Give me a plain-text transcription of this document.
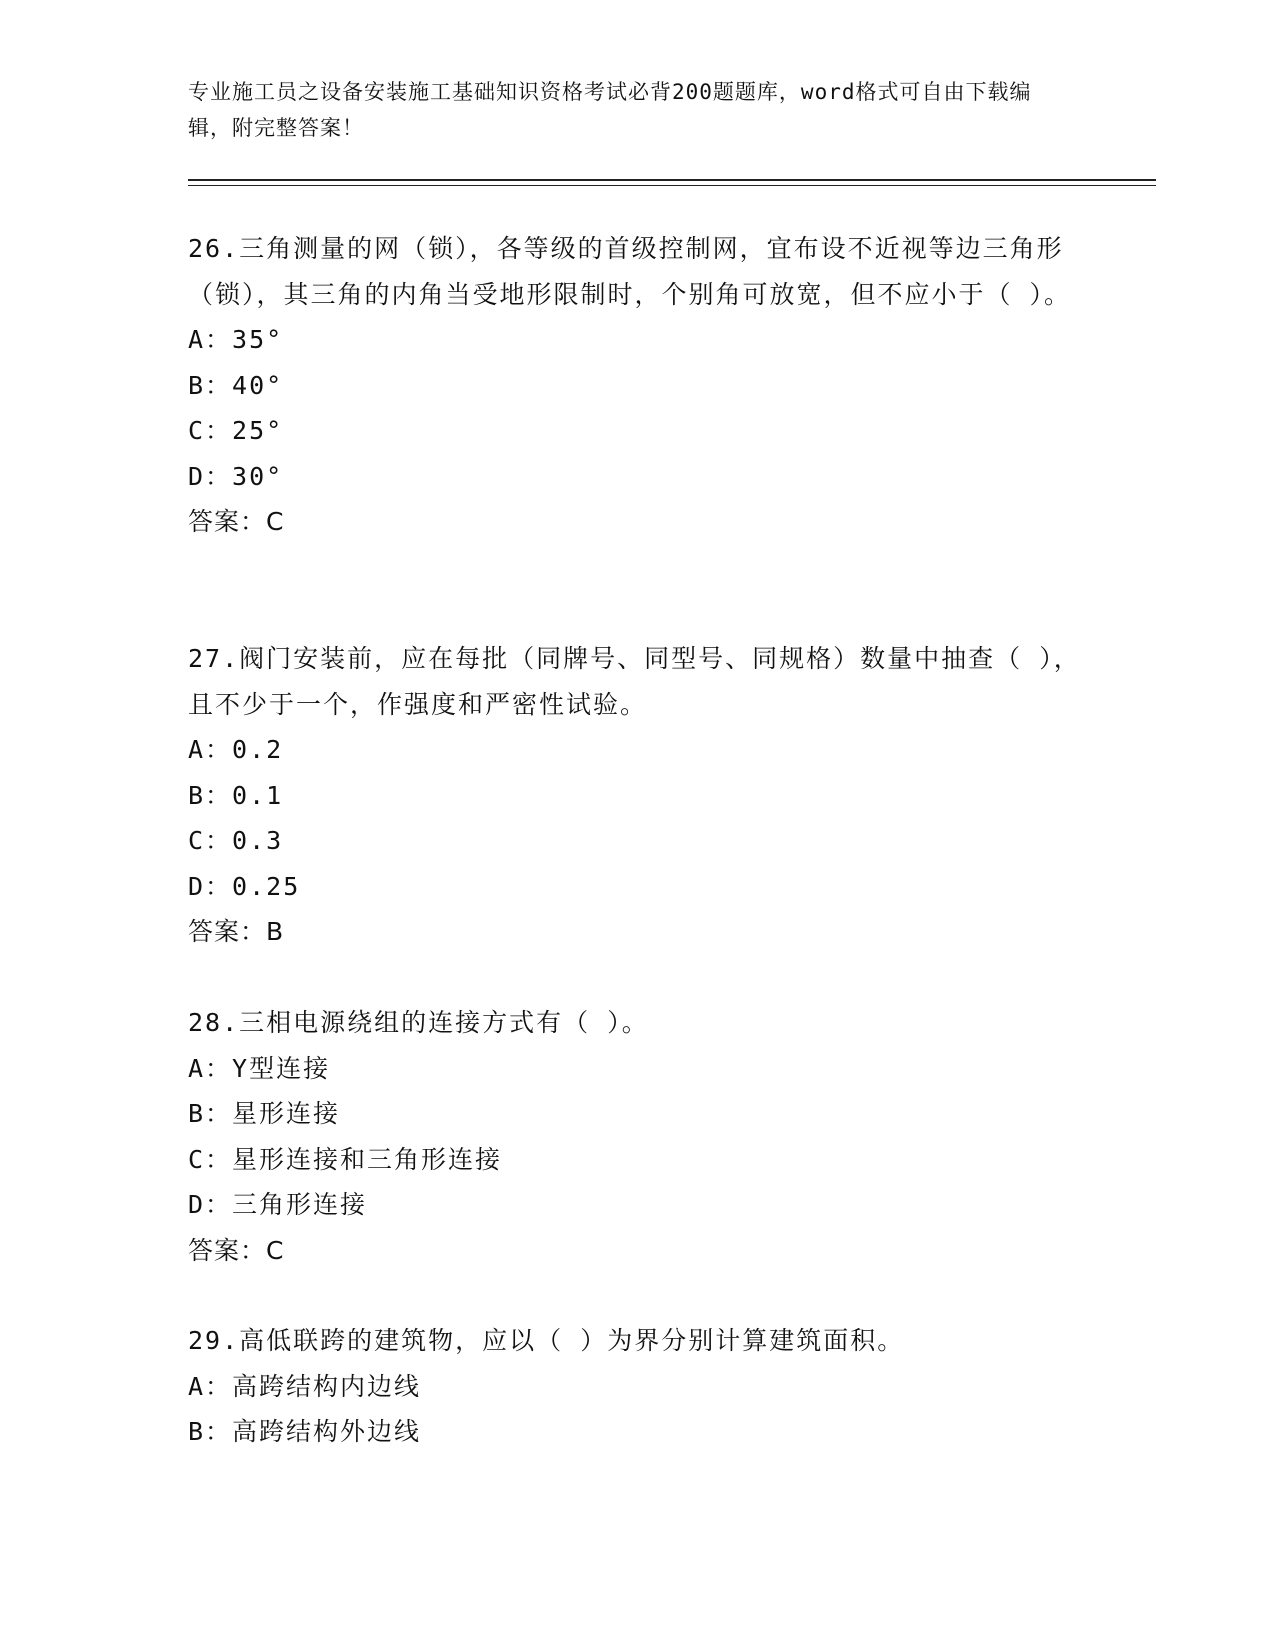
专业施工员之设备安装施工基础知识资格考试必背200题题库，word格式可自由下载编辑，附完整答案！
26.三角测量的网（锁），各等级的首级控制网，宜布设不近视等边三角形（锁），其三角的内角当受地形限制时，个别角可放宽，但不应小于（ ）。
A：35°
B：40°
C：25°
D：30°
答案：C
27.阀门安装前，应在每批（同牌号、同型号、同规格）数量中抽查（ ），且不少于一个，作强度和严密性试验。
A：0.2
B：0.1
C：0.3
D：0.25
答案：B
28.三相电源绕组的连接方式有（ ）。
A：Y型连接
B：星形连接
C：星形连接和三角形连接
D：三角形连接
答案：C
29.高低联跨的建筑物，应以（ ）为界分别计算建筑面积。
A：高跨结构内边线
B：高跨结构外边线
